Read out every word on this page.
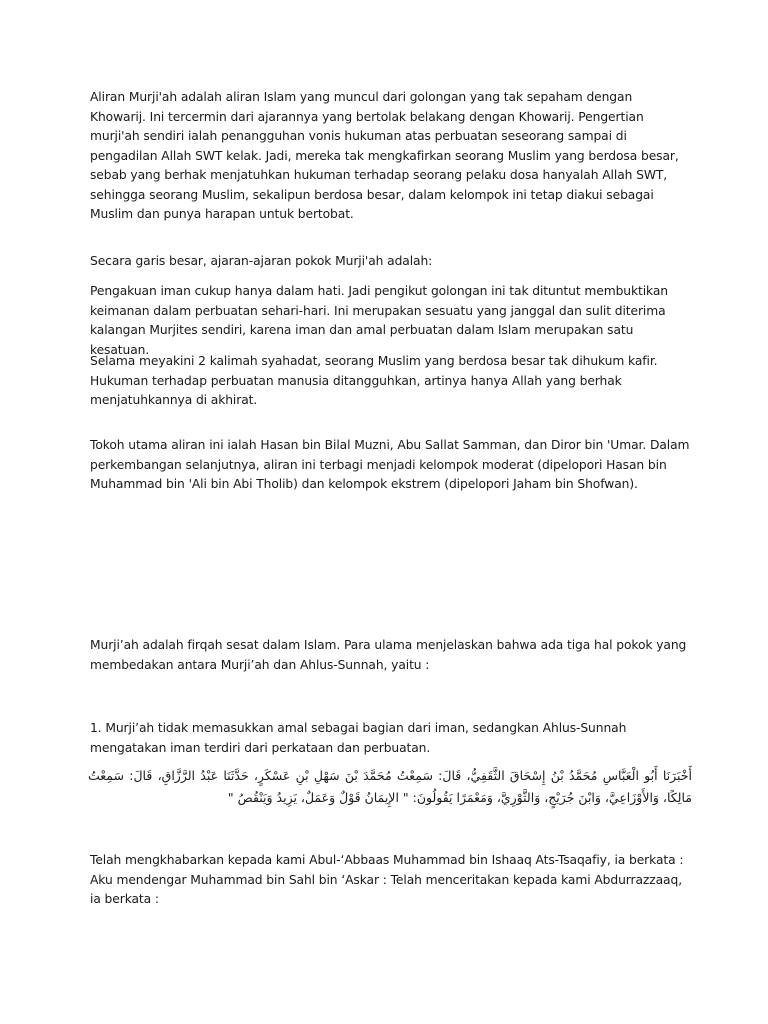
Aliran Murji'ah adalah aliran Islam yang muncul dari golongan yang tak sepaham dengan Khowarij. Ini tercermin dari ajarannya yang bertolak belakang dengan Khowarij. Pengertian murji'ah sendiri ialah penangguhan vonis hukuman atas perbuatan seseorang sampai di pengadilan Allah SWT kelak. Jadi, mereka tak mengkafirkan seorang Muslim yang berdosa besar, sebab yang berhak menjatuhkan hukuman terhadap seorang pelaku dosa hanyalah Allah SWT, sehingga seorang Muslim, sekalipun berdosa besar, dalam kelompok ini tetap diakui sebagai Muslim dan punya harapan untuk bertobat.

Secara garis besar, ajaran-ajaran pokok Murji'ah adalah:

Pengakuan iman cukup hanya dalam hati. Jadi pengikut golongan ini tak dituntut membuktikan keimanan dalam perbuatan sehari-hari. Ini merupakan sesuatu yang janggal dan sulit diterima kalangan Murjites sendiri, karena iman dan amal perbuatan dalam Islam merupakan satu kesatuan.

Selama meyakini 2 kalimah syahadat, seorang Muslim yang berdosa besar tak dihukum kafir. Hukuman terhadap perbuatan manusia ditangguhkan, artinya hanya Allah yang berhak menjatuhkannya di akhirat.

Tokoh utama aliran ini ialah Hasan bin Bilal Muzni, Abu Sallat Samman, dan Diror bin 'Umar. Dalam perkembangan selanjutnya, aliran ini terbagi menjadi kelompok moderat (dipelopori Hasan bin Muhammad bin 'Ali bin Abi Tholib) dan kelompok ekstrem (dipelopori Jaham bin Shofwan).

Murji’ah adalah firqah sesat dalam Islam. Para ulama menjelaskan bahwa ada tiga hal pokok yang membedakan antara Murji’ah dan Ahlus-Sunnah, yaitu :

1. Murji’ah tidak memasukkan amal sebagai bagian dari iman, sedangkan Ahlus-Sunnah mengatakan iman terdiri dari perkataan dan perbuatan.

أَخْبَرَنَا أَبُو الْعَبَّاسِ مُحَمَّدُ بْنُ إِسْحَاقَ الثَّقَفِيُّ، قَالَ: سَمِعْتُ مُحَمَّدَ بْنَ سَهْلِ بْنِ عَسْكَرٍ، حَدَّثَنَا عَبْدُ الرَّزَّاقِ، قَالَ: سَمِعْتُ مَالِكًا، وَالأَوْزَاعِيَّ، وَابْنَ جُرَيْجٍ، وَالثَّوْرِيَّ، وَمَعْمَرًا يَقُولُونَ: " الإِيمَانُ قَوْلٌ وَعَمَلٌ، يَزِيدُ وَيَنْقُصُ "

Telah mengkhabarkan kepada kami Abul-‘Abbaas Muhammad bin Ishaaq Ats-Tsaqafiy, ia berkata : Aku mendengar Muhammad bin Sahl bin ‘Askar : Telah menceritakan kepada kami Abdurrazzaaq, ia berkata :
